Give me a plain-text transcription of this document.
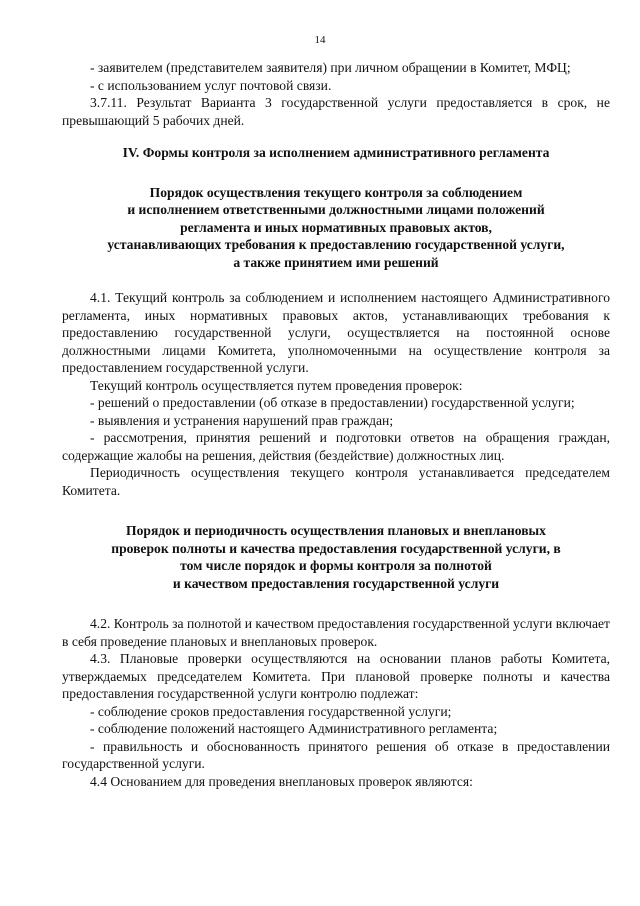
14

- заявителем (представителем заявителя) при личном обращении в Комитет, МФЦ;

- с использованием услуг почтовой связи.

3.7.11. Результат Варианта 3 государственной услуги предоставляется в срок, не превышающий 5 рабочих дней.

IV. Формы контроля за исполнением административного регламента
Порядок осуществления текущего контроля за соблюдением
и исполнением ответственными должностными лицами положений
регламента и иных нормативных правовых актов,
устанавливающих требования к предоставлению государственной услуги,
а также принятием ими решений

4.1. Текущий контроль за соблюдением и исполнением настоящего Административного регламента, иных нормативных правовых актов, устанавливающих требования к предоставлению государственной услуги, осуществляется на постоянной основе должностными лицами Комитета, уполномоченными на осуществление контроля за предоставлением государственной услуги.

Текущий контроль осуществляется путем проведения проверок:

- решений о предоставлении (об отказе в предоставлении) государственной услуги;

- выявления и устранения нарушений прав граждан;

- рассмотрения, принятия решений и подготовки ответов на обращения граждан, содержащие жалобы на решения, действия (бездействие) должностных лиц.

Периодичность осуществления текущего контроля устанавливается председателем Комитета.

Порядок и периодичность осуществления плановых и внеплановых
проверок полноты и качества предоставления государственной услуги, в
том числе порядок и формы контроля за полнотой
и качеством предоставления государственной услуги

4.2. Контроль за полнотой и качеством предоставления государственной услуги включает в себя проведение плановых и внеплановых проверок.

4.3. Плановые проверки осуществляются на основании планов работы Комитета, утверждаемых председателем Комитета. При плановой проверке полноты и качества предоставления государственной услуги контролю подлежат:

- соблюдение сроков предоставления государственной услуги;

- соблюдение положений настоящего Административного регламента;

- правильность и обоснованность принятого решения об отказе в предоставлении государственной услуги.

4.4 Основанием для проведения внеплановых проверок являются:
